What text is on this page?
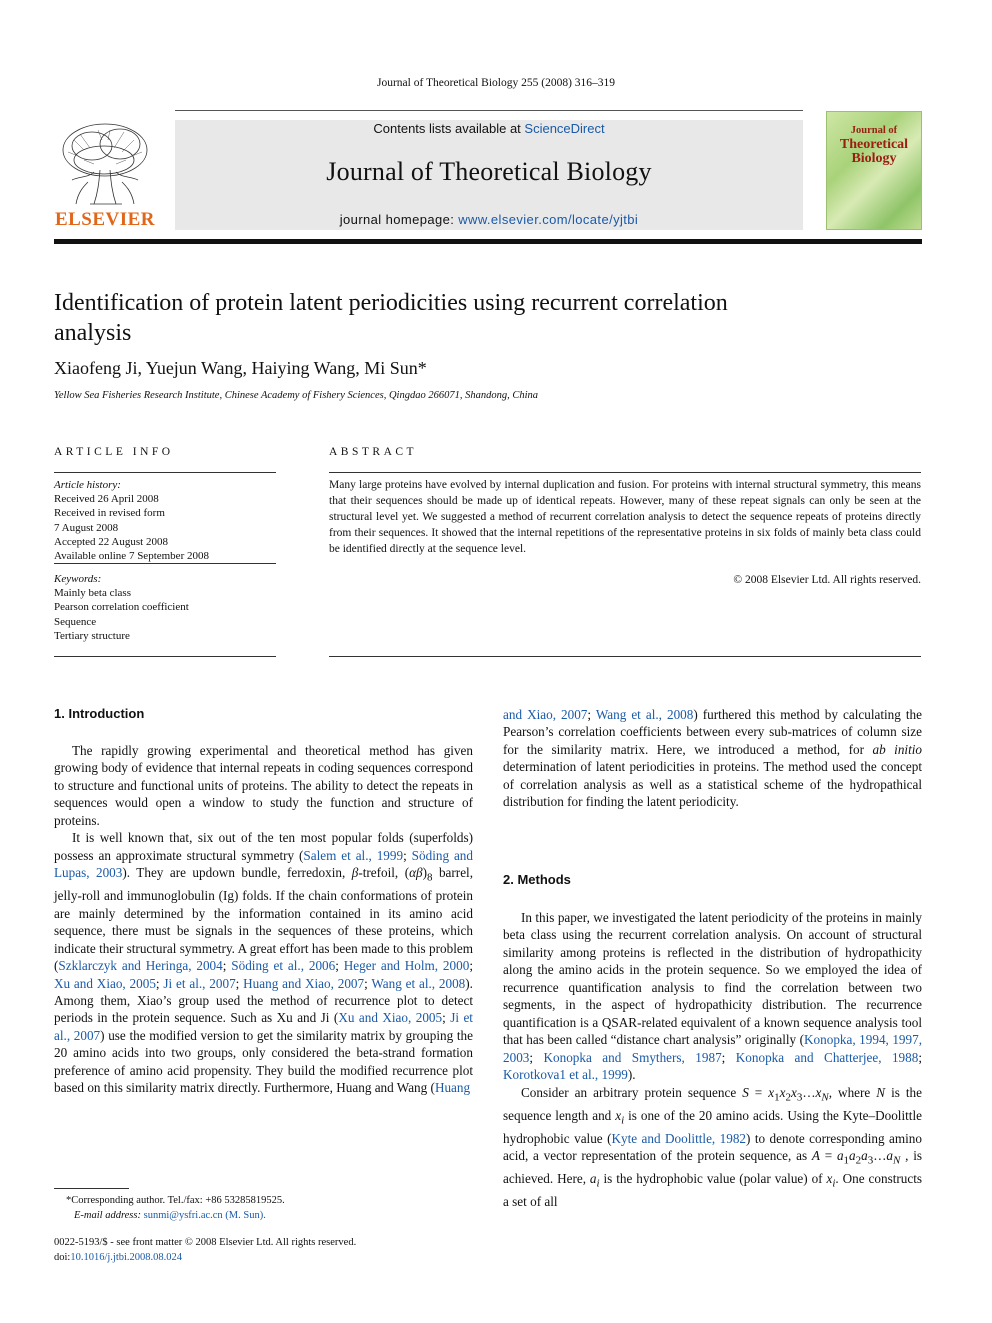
Journal of Theoretical Biology 255 (2008) 316–319
ELSEVIER
Contents lists available at ScienceDirect
Journal of Theoretical Biology
journal homepage: www.elsevier.com/locate/yjtbi
Journal of
Theoretical
Biology
Identification of protein latent periodicities using recurrent correlation analysis
Xiaofeng Ji, Yuejun Wang, Haiying Wang, Mi Sun*
Yellow Sea Fisheries Research Institute, Chinese Academy of Fishery Sciences, Qingdao 266071, Shandong, China
ARTICLE INFO
Article history:
Received 26 April 2008
Received in revised form
7 August 2008
Accepted 22 August 2008
Available online 7 September 2008
Keywords:
Mainly beta class
Pearson correlation coefficient
Sequence
Tertiary structure
ABSTRACT
Many large proteins have evolved by internal duplication and fusion. For proteins with internal structural symmetry, this means that their sequences should be made up of identical repeats. However, many of these repeat signals can only be seen at the structural level yet. We suggested a method of recurrent correlation analysis to detect the sequence repeats of proteins directly from their sequences. It showed that the internal repetitions of the representative proteins in six folds of mainly beta class could be identified directly at the sequence level.
© 2008 Elsevier Ltd. All rights reserved.
1. Introduction

The rapidly growing experimental and theoretical method has given growing body of evidence that internal repeats in coding sequences correspond to structure and functional units of proteins. The ability to detect the repeats in sequences would open a window to study the function and structure of proteins.

It is well known that, six out of the ten most popular folds (superfolds) possess an approximate structural symmetry (Salem et al., 1999; Söding and Lupas, 2003). They are updown bundle, ferredoxin, β-trefoil, $(\alpha\beta)_8$ barrel, jelly-roll and immunoglobulin (Ig) folds. If the chain conformations of protein are mainly determined by the information contained in its amino acid sequence, there must be signals in the sequences of these proteins, which indicate their structural symmetry. A great effort has been made to this problem (Szklarczyk and Heringa, 2004; Söding et al., 2006; Heger and Holm, 2000; Xu and Xiao, 2005; Ji et al., 2007; Huang and Xiao, 2007; Wang et al., 2008). Among them, Xiao’s group used the method of recurrence plot to detect periods in the protein sequence. Such as Xu and Ji (Xu and Xiao, 2005; Ji et al., 2007) use the modified version to get the similarity matrix by grouping the 20 amino acids into two groups, only considered the beta-strand formation preference of amino acid propensity. They build the modified recurrence plot based on this similarity matrix directly. Furthermore, Huang and Wang (Huang

and Xiao, 2007; Wang et al., 2008) furthered this method by calculating the Pearson’s correlation coefficients between every sub-matrices of column size for the similarity matrix. Here, we introduced a method, for ab initio determination of latent periodicities in proteins. The method used the concept of correlation analysis as well as a statistical scheme of the hydropathical distribution for finding the latent periodicity.

2. Methods

In this paper, we investigated the latent periodicity of the proteins in mainly beta class using the recurrent correlation analysis. On account of structural similarity among proteins is reflected in the distribution of hydropathicity along the amino acids in the protein sequence. So we employed the idea of recurrence quantification analysis to find the correlation between two segments, in the aspect of hydropathicity distribution. The recurrence quantification is a QSAR-related equivalent of a known sequence analysis tool that has been called “distance chart analysis” originally (Konopka, 1994, 1997, 2003; Konopka and Smythers, 1987; Konopka and Chatterjee, 1988; Korotkova1 et al., 1999).

Consider an arbitrary protein sequence $S = x_1x_2x_3\dots x_N$, where N is the sequence length and $x_i$ is one of the 20 amino acids. Using the Kyte–Doolittle hydrophobic value (Kyte and Doolittle, 1982) to denote corresponding amino acid, a vector representation of the protein sequence, as $A = a_1a_2a_3\dots a_N$ , is achieved. Here, $a_i$ is the hydrophobic value (polar value) of $x_i$. One constructs a set of all

*Corresponding author. Tel./fax: +86 53285819525.
E-mail address: sunmi@ysfri.ac.cn (M. Sun).
0022-5193/$ - see front matter © 2008 Elsevier Ltd. All rights reserved.
doi:10.1016/j.jtbi.2008.08.024
